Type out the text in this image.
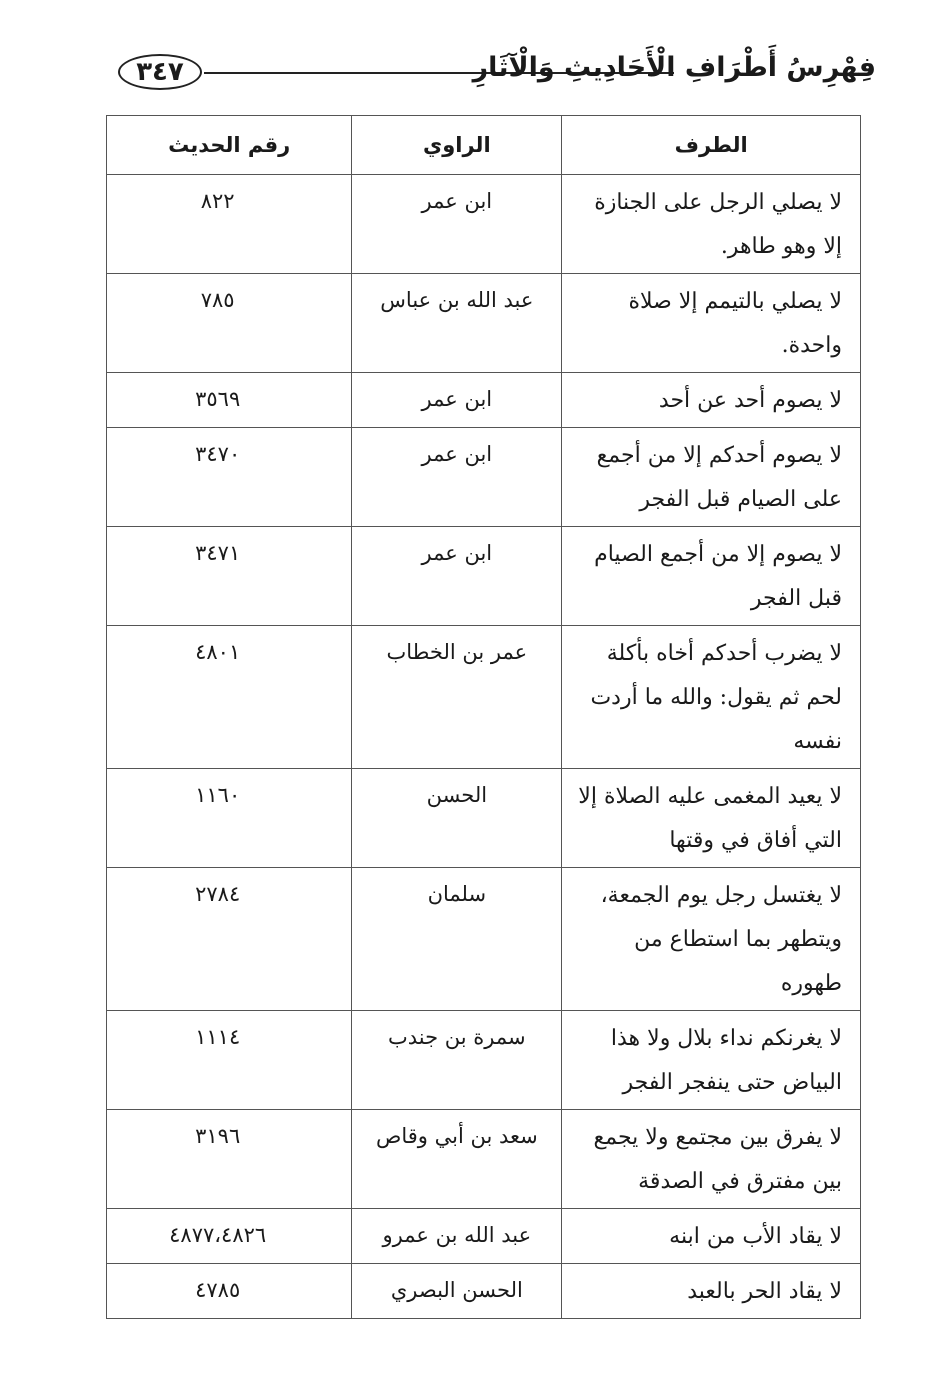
٣٤٧	فِهْرِسُ أَطْرَافِ الْأَحَادِيثِ وَالْآثَارِ
الطرف	الراوي	رقم الحديث
لا يصلي الرجل على الجنازة إلا وهو طاهر.	ابن عمر	٨٢٢
لا يصلي بالتيمم إلا صلاة واحدة.	عبد الله بن عباس	٧٨٥
لا يصوم أحد عن أحد	ابن عمر	٣٥٦٩
لا يصوم أحدكم إلا من أجمع على الصيام قبل الفجر	ابن عمر	٣٤٧٠
لا يصوم إلا من أجمع الصيام قبل الفجر	ابن عمر	٣٤٧١
لا يضرب أحدكم أخاه بأكلة لحم ثم يقول: والله ما أردت نفسه	عمر بن الخطاب	٤٨٠١
لا يعيد المغمى عليه الصلاة إلا التي أفاق في وقتها	الحسن	١١٦٠
لا يغتسل رجل يوم الجمعة، ويتطهر بما استطاع من طهوره	سلمان	٢٧٨٤
لا يغرنكم نداء بلال ولا هذا البياض حتى ينفجر الفجر	سمرة بن جندب	١١١٤
لا يفرق بين مجتمع ولا يجمع بين مفترق في الصدقة	سعد بن أبي وقاص	٣١٩٦
لا يقاد الأب من ابنه	عبد الله بن عمرو	٤٨٧٧،٤٨٢٦
لا يقاد الحر بالعبد	الحسن البصري	٤٧٨٥
